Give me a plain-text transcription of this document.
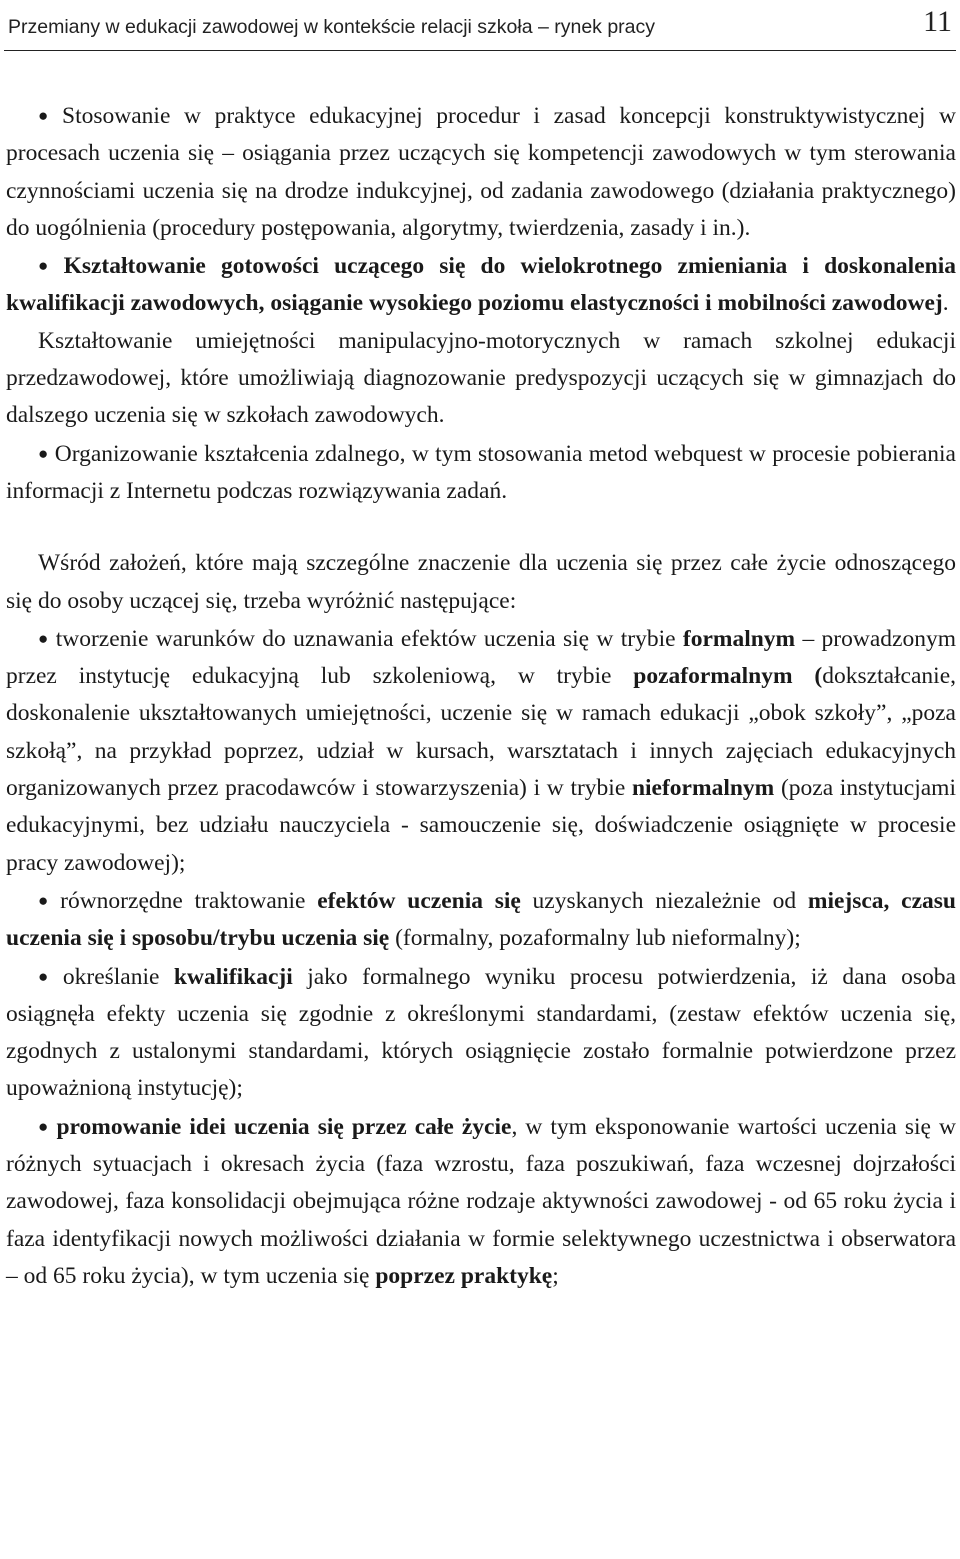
Przemiany w edukacji zawodowej w kontekście relacji szkoła – rynek pracy	11

● Stosowanie w praktyce edukacyjnej procedur i zasad koncepcji konstruktywistycznej w procesach uczenia się – osiągania przez uczących się kompetencji zawodowych w tym sterowania czynnościami uczenia się na drodze indukcyjnej, od zadania zawodowego (działania praktycznego) do uogólnienia (procedury postępowania, algorytmy, twierdzenia, zasady i in.).

● Kształtowanie gotowości uczącego się do wielokrotnego zmieniania i doskonalenia kwalifikacji zawodowych, osiąganie wysokiego poziomu elastyczności i mobilności zawodowej.

Kształtowanie umiejętności manipulacyjno-motorycznych w ramach szkolnej edukacji przedzawodowej, które umożliwiają diagnozowanie predyspozycji uczących się w gimnazjach do dalszego uczenia się w szkołach zawodowych.

● Organizowanie kształcenia zdalnego, w tym stosowania metod webquest w procesie pobierania informacji z Internetu podczas rozwiązywania zadań.

Wśród założeń, które mają szczególne znaczenie dla uczenia się przez całe życie odnoszącego się do osoby uczącej się, trzeba wyróżnić następujące:

● tworzenie warunków do uznawania efektów uczenia się w trybie formalnym – prowadzonym przez instytucję edukacyjną lub szkoleniową, w trybie pozaformalnym (dokształcanie, doskonalenie ukształtowanych umiejętności, uczenie się w ramach edukacji „obok szkoły”, „poza szkołą”, na przykład poprzez, udział w kursach, warsztatach i innych zajęciach edukacyjnych organizowanych przez pracodawców i stowarzyszenia) i w trybie nieformalnym (poza instytucjami edukacyjnymi, bez udziału nauczyciela - samouczenie się, doświadczenie osiągnięte w procesie pracy zawodowej);

● równorzędne traktowanie efektów uczenia się uzyskanych niezależnie od miejsca, czasu uczenia się i sposobu/trybu uczenia się (formalny, pozaformalny lub nieformalny);

● określanie kwalifikacji jako formalnego wyniku procesu potwierdzenia, iż dana osoba osiągnęła efekty uczenia się zgodnie z określonymi standardami, (zestaw efektów uczenia się, zgodnych z ustalonymi standardami, których osiągnięcie zostało formalnie potwierdzone przez upoważnioną instytucję);

● promowanie idei uczenia się przez całe życie, w tym eksponowanie wartości uczenia się w różnych sytuacjach i okresach życia (faza wzrostu, faza poszukiwań, faza wczesnej dojrzałości zawodowej, faza konsolidacji obejmująca różne rodzaje aktywności zawodowej - od 65 roku życia i faza identyfikacji nowych możliwości działania w formie selektywnego uczestnictwa i obserwatora – od 65 roku życia), w tym uczenia się poprzez praktykę;
